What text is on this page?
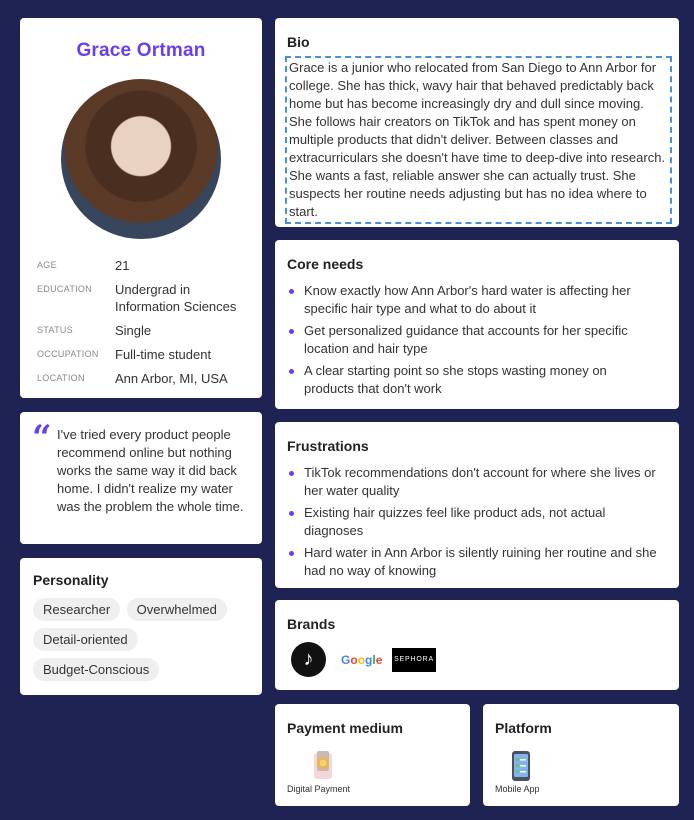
Grace Ortman
AGE	21
EDUCATION	Undergrad in Information Sciences
STATUS	Single
OCCUPATION	Full-time student
LOCATION	Ann Arbor, MI, USA
“ I've tried every product people recommend online but nothing works the same way it did back home. I didn't realize my water was the problem the whole time.
Personality
Researcher Overwhelmed Detail-oriented Budget-Conscious
Bio
Grace is a junior who relocated from San Diego to Ann Arbor for college. She has thick, wavy hair that behaved predictably back home but has become increasingly dry and dull since moving. She follows hair creators on TikTok and has spent money on multiple products that didn't deliver. Between classes and extracurriculars she doesn't have time to deep-dive into research. She wants a fast, reliable answer she can actually trust. She suspects her routine needs adjusting but has no idea where to start.
Core needs
Know exactly how Ann Arbor's hard water is affecting her specific hair type and what to do about it
Get personalized guidance that accounts for her specific location and hair type
A clear starting point so she stops wasting money on products that don't work
Frustrations
TikTok recommendations don't account for where she lives or her water quality
Existing hair quizzes feel like product ads, not actual diagnoses
Hard water in Ann Arbor is silently ruining her routine and she had no way of knowing
Brands
♪	Google SEPHORA
Payment medium
Digital Payment
Platform
Mobile App
